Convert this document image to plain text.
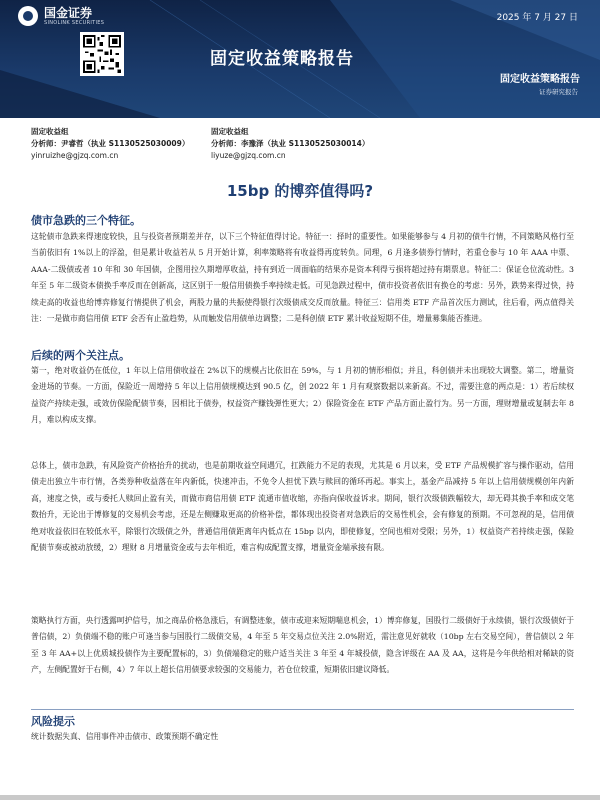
国金证券
SINOLINK SECURITIES	2025 年 7 月 27 日
固定收益策略报告
固定收益策略报告
证券研究报告
固定收益组
分析师：尹睿哲（执业 S1130525030009）
yinruizhe@gjzq.com.cn
固定收益组
分析师：李豫泽（执业 S1130525030014）
liyuze@gjzq.com.cn
15bp 的博弈值得吗?
债市急跌的三个特征。

这轮债市急跌来得速度较快，且与投资者预期差并存，以下三个特征值得讨论。特征一：择时的重要性。如果能够参与 4 月初的债牛行情，不同策略风格行至当前依旧有 1%以上的浮盈，但是累计收益若从 5 月开始计算，利率策略将有收益得再度转负。同理，6 月逢多债券行情时，若重仓参与 10 年 AAA 中票、AAA-二级债或者 10 年和 30 年国债，企图用拉久期增厚收益，持有到近一周面临的结果亦是资本利得亏损将超过持有期票息。特征二：保证仓位流动性。3 年至 5 年二级资本债换手率反而在创新高，这区别于一般信用债换手率持续走低。可见急跌过程中，债市投资者依旧有换仓的考虑：另外，跌势来得过快，持续走高的收益也给博弈修复行情提供了机会，两股力量的共振使得银行次级债成交反而放量。特征三：信用类 ETF 产品首次压力测试，往后看，两点值得关注：一是做市商信用债 ETF 会否有止盈趋势，从而触发信用债单边调整；二是科创债 ETF 累计收益短期不佳，增量募集能否推进。

后续的两个关注点。

第一，绝对收益仍在低位，1 年以上信用债收益在 2%以下的规模占比依旧在 59%，与 1 月初的情形相似；并且，科创债并未出现较大调整。第二，增量资金进场的节奏。一方面，保险近一周增持 5 年以上信用债规模达到 90.5 亿，创 2022 年 1 月有观察数据以来新高。不过，需要注意的两点是：1）若后续权益资产持续走强，或效仿保险配债节奏，因相比于债券，权益资产赚钱弹性更大；2）保险资金在 ETF 产品方面止盈行为。另一方面，理财增量或复制去年 8 月，难以构成支撑。

总体上，债市急跌，有风险资产价格抬升的扰动，也是前期收益空间遇冗，扛跌能力不足的表现，尤其是 6 月以来，受 ETF 产品规模扩容与操作驱动，信用债走出独立牛市行情，各类券种收益落在年内新低，快速冲击，不免令人担忧下跌与赎回的循环再起。事实上，基金产品减持 5 年以上信用债规模创年内新高，速度之快，或与委托人赎回止盈有关，而做市商信用债 ETF 流通市值收缩，亦指向保收益诉求。期间，银行次级债跌幅较大，却无碍其换手率和成交笔数抬升，无论出于博修复的交易机会考虑，还是左侧赚取更高的价格补偿，都体现出投资者对急跌后的交易性机会，会有修复的预期。不可忽视的是，信用债绝对收益依旧在较低水平，除银行次级债之外，普通信用债距离年内低点在 15bp 以内，即使修复，空间也相对受限；另外，1）权益资产若持续走强，保险配债节奏或被动放缓，2）理财 8 月增量资金或与去年相近，难言构成配置支撑，增量资金端承接有限。

策略执行方面，央行透露呵护信号，加之商品价格急涨后，有调整迹象，债市或迎来短期喘息机会，1）博弈修复，国股行二级债好于永续债，银行次级债好于普信债，2）负债端不稳的账户可逢当参与国股行二级债交易，4 年至 5 年交易点位关注 2.0%附近，需注意见好就收（10bp 左右交易空间），普信债以 2 年至 3 年 AA+以上优质城投债作为主要配置标的，3）负债端稳定的账户适当关注 3 年至 4 年城投债，隐含评级在 AA 及 AA，这将是今年供给相对稀缺的资产，左侧配置好于右侧，4）7 年以上超长信用债要求较强的交易能力，若仓位较重，短期依旧建议降低。

风险提示

统计数据失真、信用事件冲击债市、政策预期不确定性
